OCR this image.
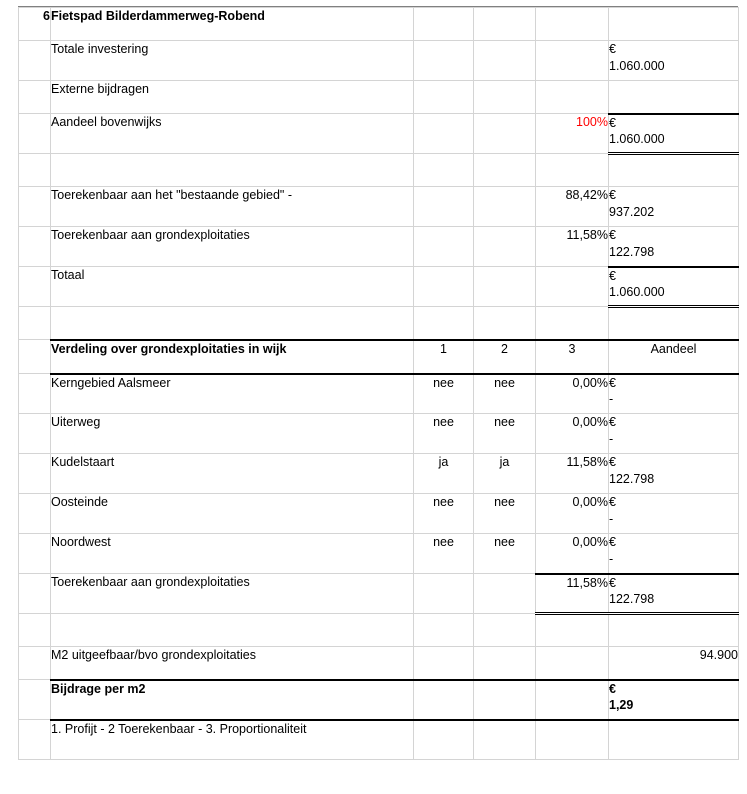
6	Fietspad Bilderdammerweg-Robend				
	Totale investering				€
1.060.000

	Externe bijdragen				

	Aandeel bovenwijks			100%	€
1.060.000

	Toerekenbaar aan het "bestaande gebied" -			88,42%	€
937.202

	Toerekenbaar aan grondexploitaties			11,58%	€
122.798

	Totaal				€
1.060.000

	Verdeling over grondexploitaties in wijk	1	2	3	Aandeel
	Kerngebied Aalsmeer	nee	nee	0,00%	€
-

	Uiterweg	nee	nee	0,00%	€
-

	Kudelstaart	ja	ja	11,58%	€
122.798

	Oosteinde	nee	nee	0,00%	€
-

	Noordwest	nee	nee	0,00%	€
-

	Toerekenbaar aan grondexploitaties			11,58%	€
122.798

	M2 uitgeefbaar/bvo grondexploitaties				94.900
	Bijdrage per m2				€
1,29

	1. Profijt - 2 Toerekenbaar - 3. Proportionaliteit				
